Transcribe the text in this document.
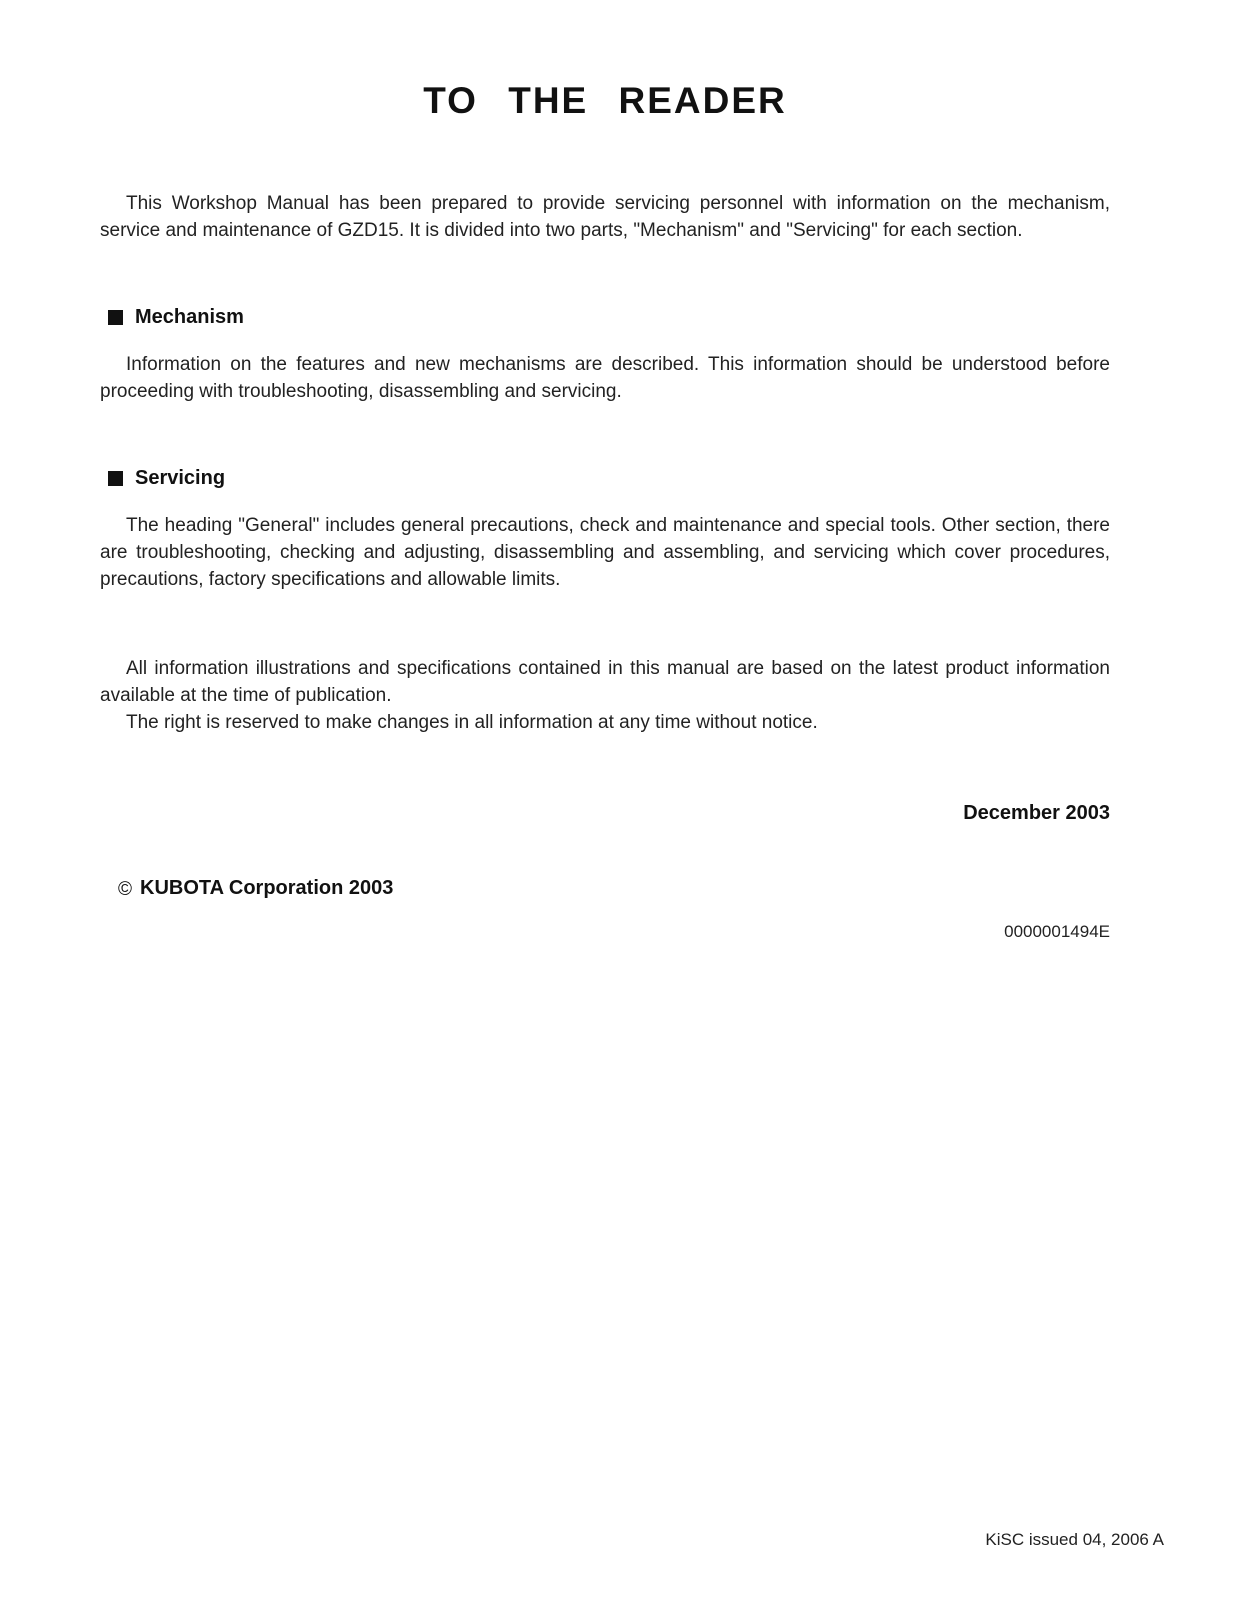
TO THE READER

This Workshop Manual has been prepared to provide servicing personnel with information on the mechanism, service and maintenance of GZD15. It is divided into two parts, "Mechanism" and "Servicing" for each section.

Mechanism

Information on the features and new mechanisms are described. This information should be understood before proceeding with troubleshooting, disassembling and servicing.

Servicing

The heading "General" includes general precautions, check and maintenance and special tools. Other section, there are troubleshooting, checking and adjusting, disassembling and assembling, and servicing which cover procedures, precautions, factory specifications and allowable limits.

All information illustrations and specifications contained in this manual are based on the latest product information available at the time of publication.

The right is reserved to make changes in all information at any time without notice.

December 2003
© KUBOTA Corporation 2003
0000001494E
KiSC issued 04, 2006 A
